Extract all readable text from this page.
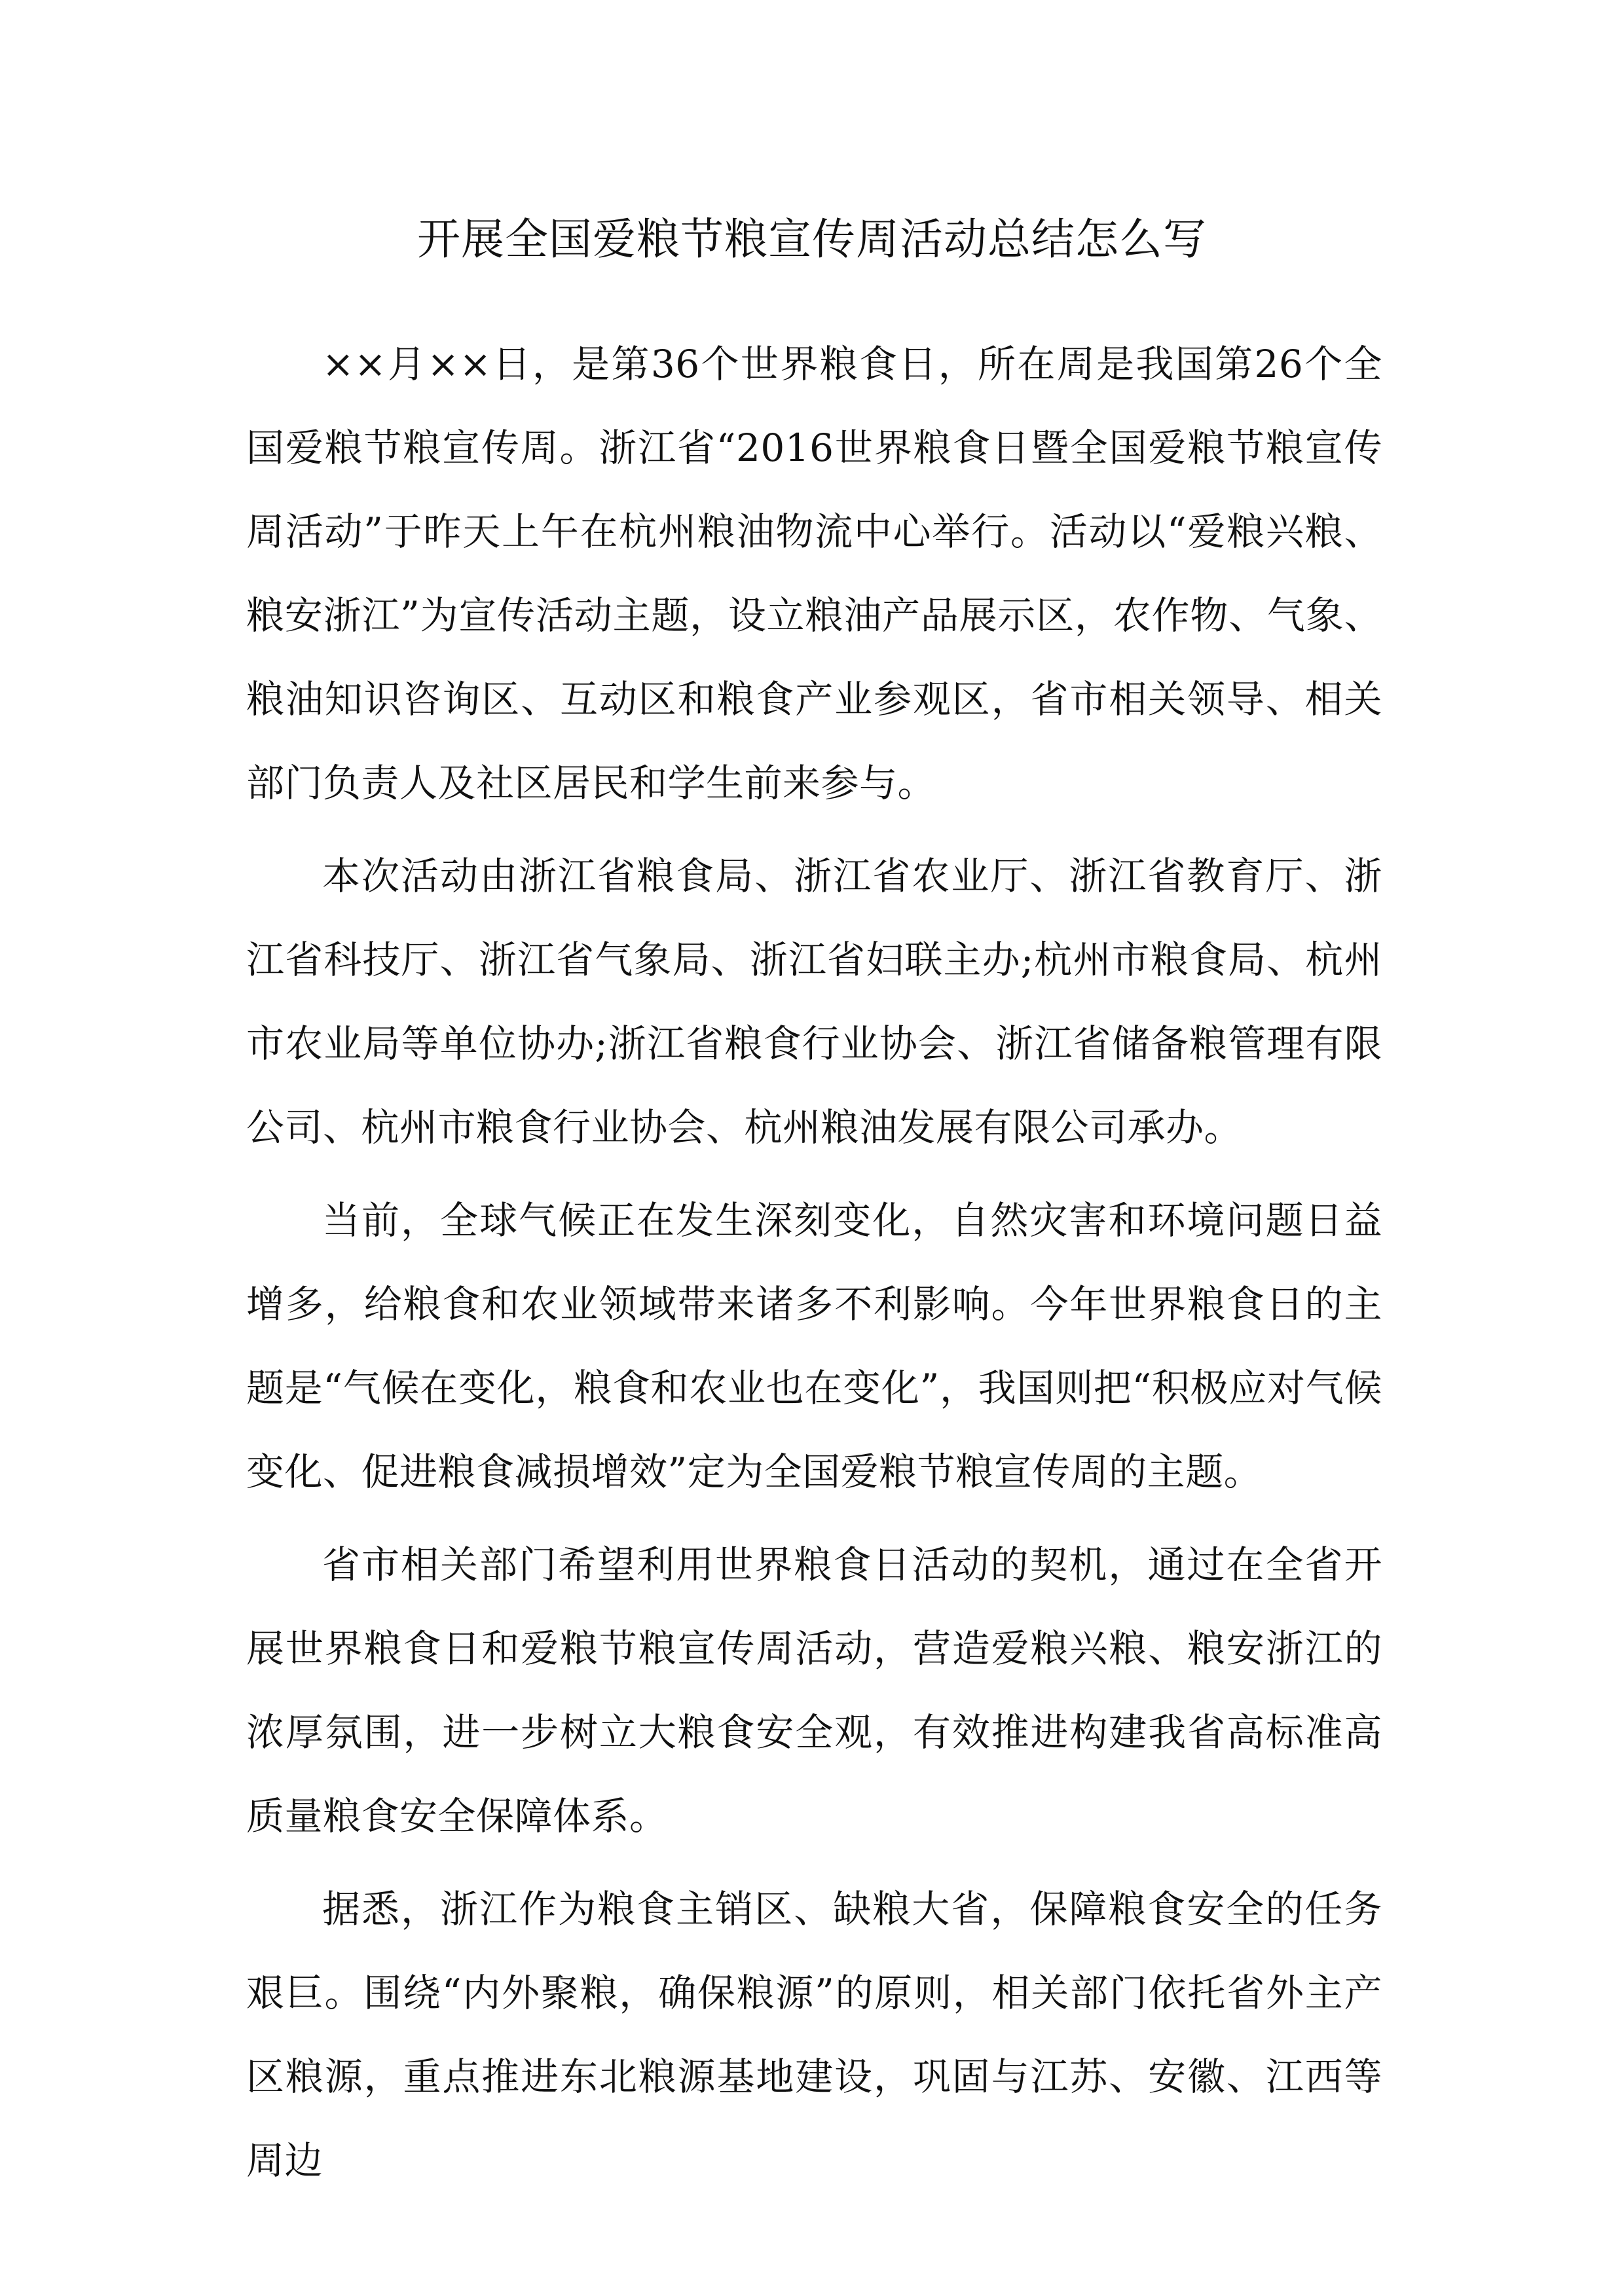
开展全国爱粮节粮宣传周活动总结怎么写

××月××日，是第36个世界粮食日，所在周是我国第26个全国爱粮节粮宣传周。浙江省“2016世界粮食日暨全国爱粮节粮宣传周活动”于昨天上午在杭州粮油物流中心举行。活动以“爱粮兴粮、粮安浙江”为宣传活动主题，设立粮油产品展示区，农作物、气象、粮油知识咨询区、互动区和粮食产业参观区，省市相关领导、相关部门负责人及社区居民和学生前来参与。

本次活动由浙江省粮食局、浙江省农业厅、浙江省教育厅、浙江省科技厅、浙江省气象局、浙江省妇联主办;杭州市粮食局、杭州市农业局等单位协办;浙江省粮食行业协会、浙江省储备粮管理有限公司、杭州市粮食行业协会、杭州粮油发展有限公司承办。

当前，全球气候正在发生深刻变化，自然灾害和环境问题日益增多，给粮食和农业领域带来诸多不利影响。今年世界粮食日的主题是“气候在变化，粮食和农业也在变化”，我国则把“积极应对气候变化、促进粮食减损增效”定为全国爱粮节粮宣传周的主题。

省市相关部门希望利用世界粮食日活动的契机，通过在全省开展世界粮食日和爱粮节粮宣传周活动，营造爱粮兴粮、粮安浙江的浓厚氛围，进一步树立大粮食安全观，有效推进构建我省高标准高质量粮食安全保障体系。

据悉，浙江作为粮食主销区、缺粮大省，保障粮食安全的任务艰巨。围绕“内外聚粮，确保粮源”的原则，相关部门依托省外主产区粮源，重点推进东北粮源基地建设，巩固与江苏、安徽、江西等周边
